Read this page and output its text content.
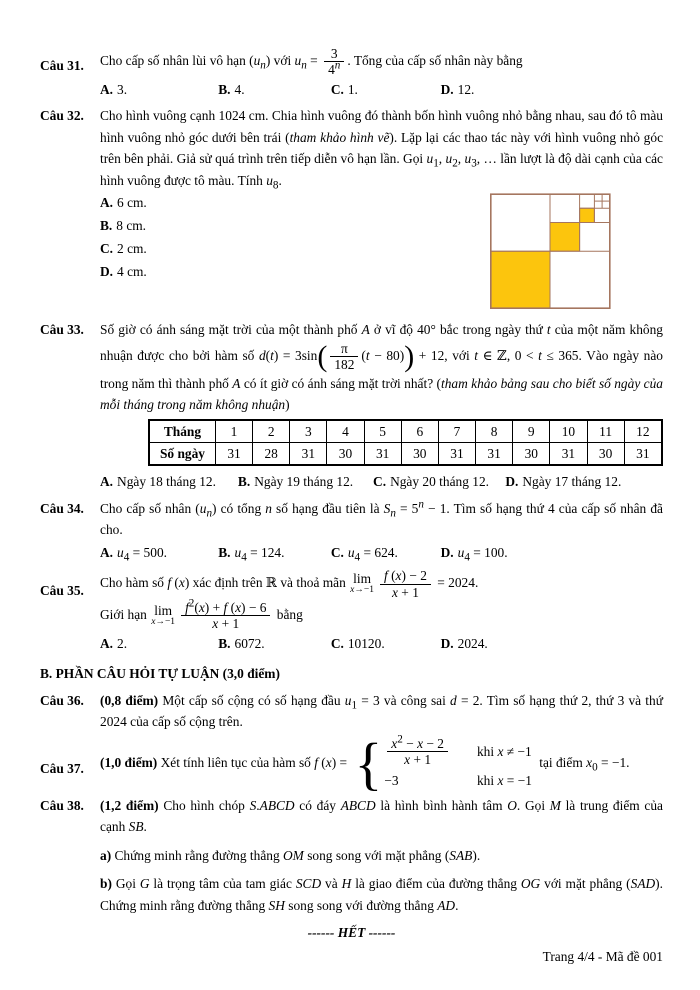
Câu 31.	Cho cấp số nhân lùi vô hạn $(u_n)$ với $u_n = \frac{3}{4^n}$ . Tổng của cấp số nhân này bằng
A. 3.	B. 4.	C. 1.	D. 12.
Câu 32.	Cho hình vuông cạnh 1024 cm. Chia hình vuông đó thành bốn hình vuông nhỏ bằng nhau, sau đó tô màu hình vuông nhỏ góc dưới bên trái (tham khảo hình vẽ). Lặp lại các thao tác này với hình vuông nhỏ góc trên bên phải. Giả sử quá trình trên tiếp diễn vô hạn lần. Gọi $u_1$, $u_2$, $u_3$, … lần lượt là độ dài cạnh của các hình vuông được tô màu. Tính $u_8$.
A. 6 cm.
B. 8 cm.
C. 2 cm.
D. 4 cm.
Câu 33.	Số giờ có ánh sáng mặt trời của một thành phố A ở vĩ độ 40° bắc trong ngày thứ t của một năm không nhuận được cho bởi hàm số $d(t) = 3\sin( \frac{\pi}{182} (t - 80)) + 12$, với t ∈ ℤ, 0 < t ≤ 365. Vào ngày nào trong năm thì thành phố A có ít giờ có ánh sáng mặt trời nhất? (tham khảo bảng sau cho biết số ngày của mỗi tháng trong năm không nhuận)
Tháng	1	2	3	4	5	6	7	8	9	10	11	12
Số ngày	31	28	31	30	31	30	31	31	30	31	30	31
A. Ngày 18 tháng 12.	B. Ngày 19 tháng 12.	C. Ngày 20 tháng 12.	D. Ngày 17 tháng 12.
Câu 34.	Cho cấp số nhân $(u_n)$ có tổng n số hạng đầu tiên là $S_n = 5^n - 1$. Tìm số hạng thứ 4 của cấp số nhân đã cho.
A. $u_4 = 500$.	B. $u_4 = 124$.	C. $u_4 = 624$.	D. $u_4 = 100$.
Câu 35.
Cho hàm số f (x) xác định trên ℝ và thoả mãn lim
$x\to-1 \frac{f (x) - 2}{x + 1} = 2024$.
Giới hạn lim
$x\to-1 \frac{f^2(x) + f (x) - 6}{x + 1}$ bằng
A. 2.	B. 6072.	C. 10120.	D. 2024.
B. PHẦN CÂU HỎI TỰ LUẬN (3,0 điểm)
Câu 36.	(0,8 điểm) Một cấp số cộng có số hạng đầu $u_1 = 3$ và công sai d = 2. Tìm số hạng thứ 2, thứ 3 và thứ 2024 của cấp số cộng trên.
Câu 37.	(1,0 điểm) Xét tính liên tục của hàm số f (x) = { $\frac{x^2 - x - 2}{x + 1}$ khi x ≠ −1
−3	khi x = −1
tại điểm $x_0 = -1$.
Câu 38.	(1,2 điểm) Cho hình chóp S.ABCD có đáy ABCD là hình bình hành tâm O. Gọi M là trung điểm của cạnh SB.
a) Chứng minh rằng đường thẳng OM song song với mặt phẳng (SAB).
b) Gọi G là trọng tâm của tam giác SCD và H là giao điểm của đường thẳng OG với mặt phẳng (SAD). Chứng minh rằng đường thẳng SH song song với đường thẳng AD.
------ HẾT ------
Trang 4/4 - Mã đề 001
